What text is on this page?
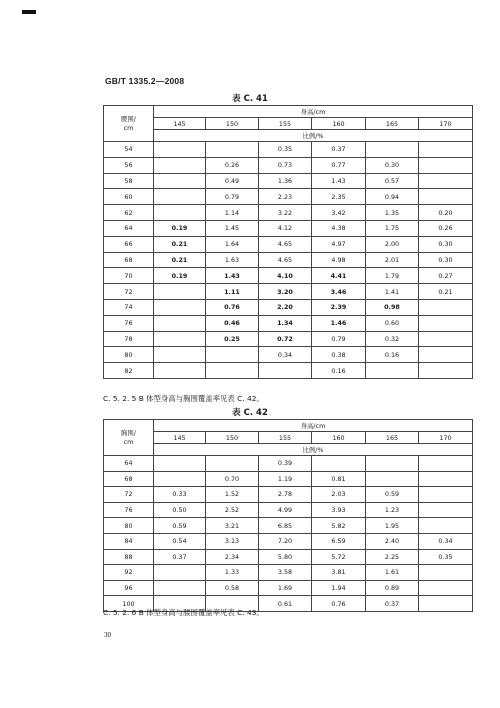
GB/T 1335.2—2008
表 C. 41
腰围/
cm	身高/cm					
	145	150	155	160	165	170
	比例/%					
54			0.35	0.37		
56		0.26	0.73	0.77	0.30	
58		0.49	1.36	1.43	0.57	
60		0.79	2.23	2.35	0.94	
62		1.14	3.22	3.42	1.35	0.20
64	0.19	1.45	4.12	4.38	1.75	0.26
66	0.21	1.64	4.65	4.97	2.00	0.30
68	0.21	1.63	4.65	4.98	2.01	0.30
70	0.19	1.43	4.10	4.41	1.79	0.27
72		1.11	3.20	3.46	1.41	0.21
74		0.76	2.20	2.39	0.98	
76		0.46	1.34	1.46	0.60	
78		0.25	0.72	0.79	0.32	
80			0.34	0.38	0.16	
82				0.16		
C. 5. 2. 5 B 体型身高与胸围覆盖率见表 C. 42。
表 C. 42
胸围/
cm	身高/cm					
	145	150	155	160	165	170
	比例/%					
64			0.39			
68		0.70	1.19	0.81		
72	0.33	1.52	2.78	2.03	0.59	
76	0.50	2.52	4.99	3.93	1.23	
80	0.59	3.21	6.85	5.82	1.95	
84	0.54	3.13	7.20	6.59	2.40	0.34
88	0.37	2.34	5.80	5.72	2.25	0.35
92		1.33	3.58	3.81	1.61	
96		0.58	1.69	1.94	0.89	
100			0.61	0.76	0.37	
C. 5. 2. 6 B 体型身高与腰围覆盖率见表 C. 43。
30
